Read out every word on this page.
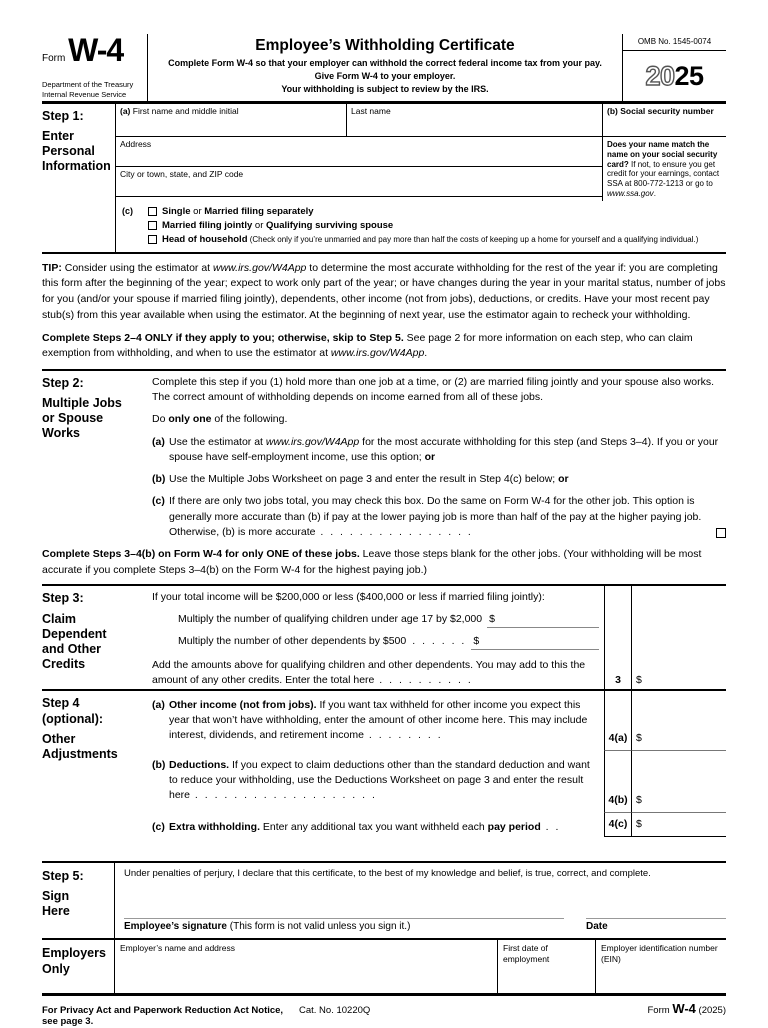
Form W-4
Department of the Treasury
Internal Revenue Service
Employee’s Withholding Certificate
Complete Form W-4 so that your employer can withhold the correct federal income tax from your pay.
Give Form W-4 to your employer.
Your withholding is subject to review by the IRS.
OMB No. 1545-0074
20 25
Step 1:
Enter
Personal
Information
(a) First name and middle initial	Last name	(b) Social security number
Address
City or town, state, and ZIP code
Does your name match the name on your social security card? If not, to ensure you get credit for your earnings, contact SSA at 800-772-1213 or go to www.ssa.gov.
(c)	Single or Married filing separately
Married filing jointly or Qualifying surviving spouse
Head of household (Check only if you’re unmarried and pay more than half the costs of keeping up a home for yourself and a qualifying individual.)
TIP: Consider using the estimator at www.irs.gov/W4App to determine the most accurate withholding for the rest of the year if: you are completing this form after the beginning of the year; expect to work only part of the year; or have changes during the year in your marital status, number of jobs for you (and/or your spouse if married filing jointly), dependents, other income (not from jobs), deductions, or credits. Have your most recent pay stub(s) from this year available when using the estimator. At the beginning of next year, use the estimator again to recheck your withholding.
Complete Steps 2–4 ONLY if they apply to you; otherwise, skip to Step 5. See page 2 for more information on each step, who can claim exemption from withholding, and when to use the estimator at www.irs.gov/W4App.
Step 2:
Multiple Jobs
or Spouse
Works
Complete this step if you (1) hold more than one job at a time, or (2) are married filing jointly and your spouse also works. The correct amount of withholding depends on income earned from all of these jobs.
Do only one of the following.
(a) Use the estimator at www.irs.gov/W4App for the most accurate withholding for this step (and Steps 3–4). If you or your spouse have self-employment income, use this option; or
(b) Use the Multiple Jobs Worksheet on page 3 and enter the result in Step 4(c) below; or
(c) If there are only two jobs total, you may check this box. Do the same on Form W-4 for the other job. This option is generally more accurate than (b) if pay at the lower paying job is more than half of the pay at the higher paying job. Otherwise, (b) is more accurate . . . . . . . . . . . . . . . .
Complete Steps 3–4(b) on Form W-4 for only ONE of these jobs. Leave those steps blank for the other jobs. (Your withholding will be most accurate if you complete Steps 3–4(b) on the Form W-4 for the highest paying job.)
Step 3:
Claim
Dependent
and Other
Credits
If your total income will be $200,000 or less ($400,000 or less if married filing jointly):
Multiply the number of qualifying children under age 17 by $2,000 $
Multiply the number of other dependents by $500 . . . . . . $
Add the amounts above for qualifying children and other dependents. You may add to this the amount of any other credits. Enter the total here . . . . . . . . . .	3 $
Step 4
(optional):
Other
Adjustments
(a) Other income (not from jobs). If you want tax withheld for other income you expect this year that won’t have withholding, enter the amount of other income here. This may include interest, dividends, and retirement income . . . . . . . .	4(a) $
(b) Deductions. If you expect to claim deductions other than the standard deduction and want to reduce your withholding, use the Deductions Worksheet on page 3 and enter the result here . . . . . . . . . . . . . . . . . . .	4(b) $
(c) Extra withholding. Enter any additional tax you want withheld each pay period . .	4(c) $
Step 5:
Sign
Here
Under penalties of perjury, I declare that this certificate, to the best of my knowledge and belief, is true, correct, and complete.
Employee’s signature (This form is not valid unless you sign it.)	Date
Employers
Only
Employer’s name and address	First date of employment
Employer identification number (EIN)
For Privacy Act and Paperwork Reduction Act Notice, see page 3.
Cat. No. 10220Q	Form W-4 (2025)
